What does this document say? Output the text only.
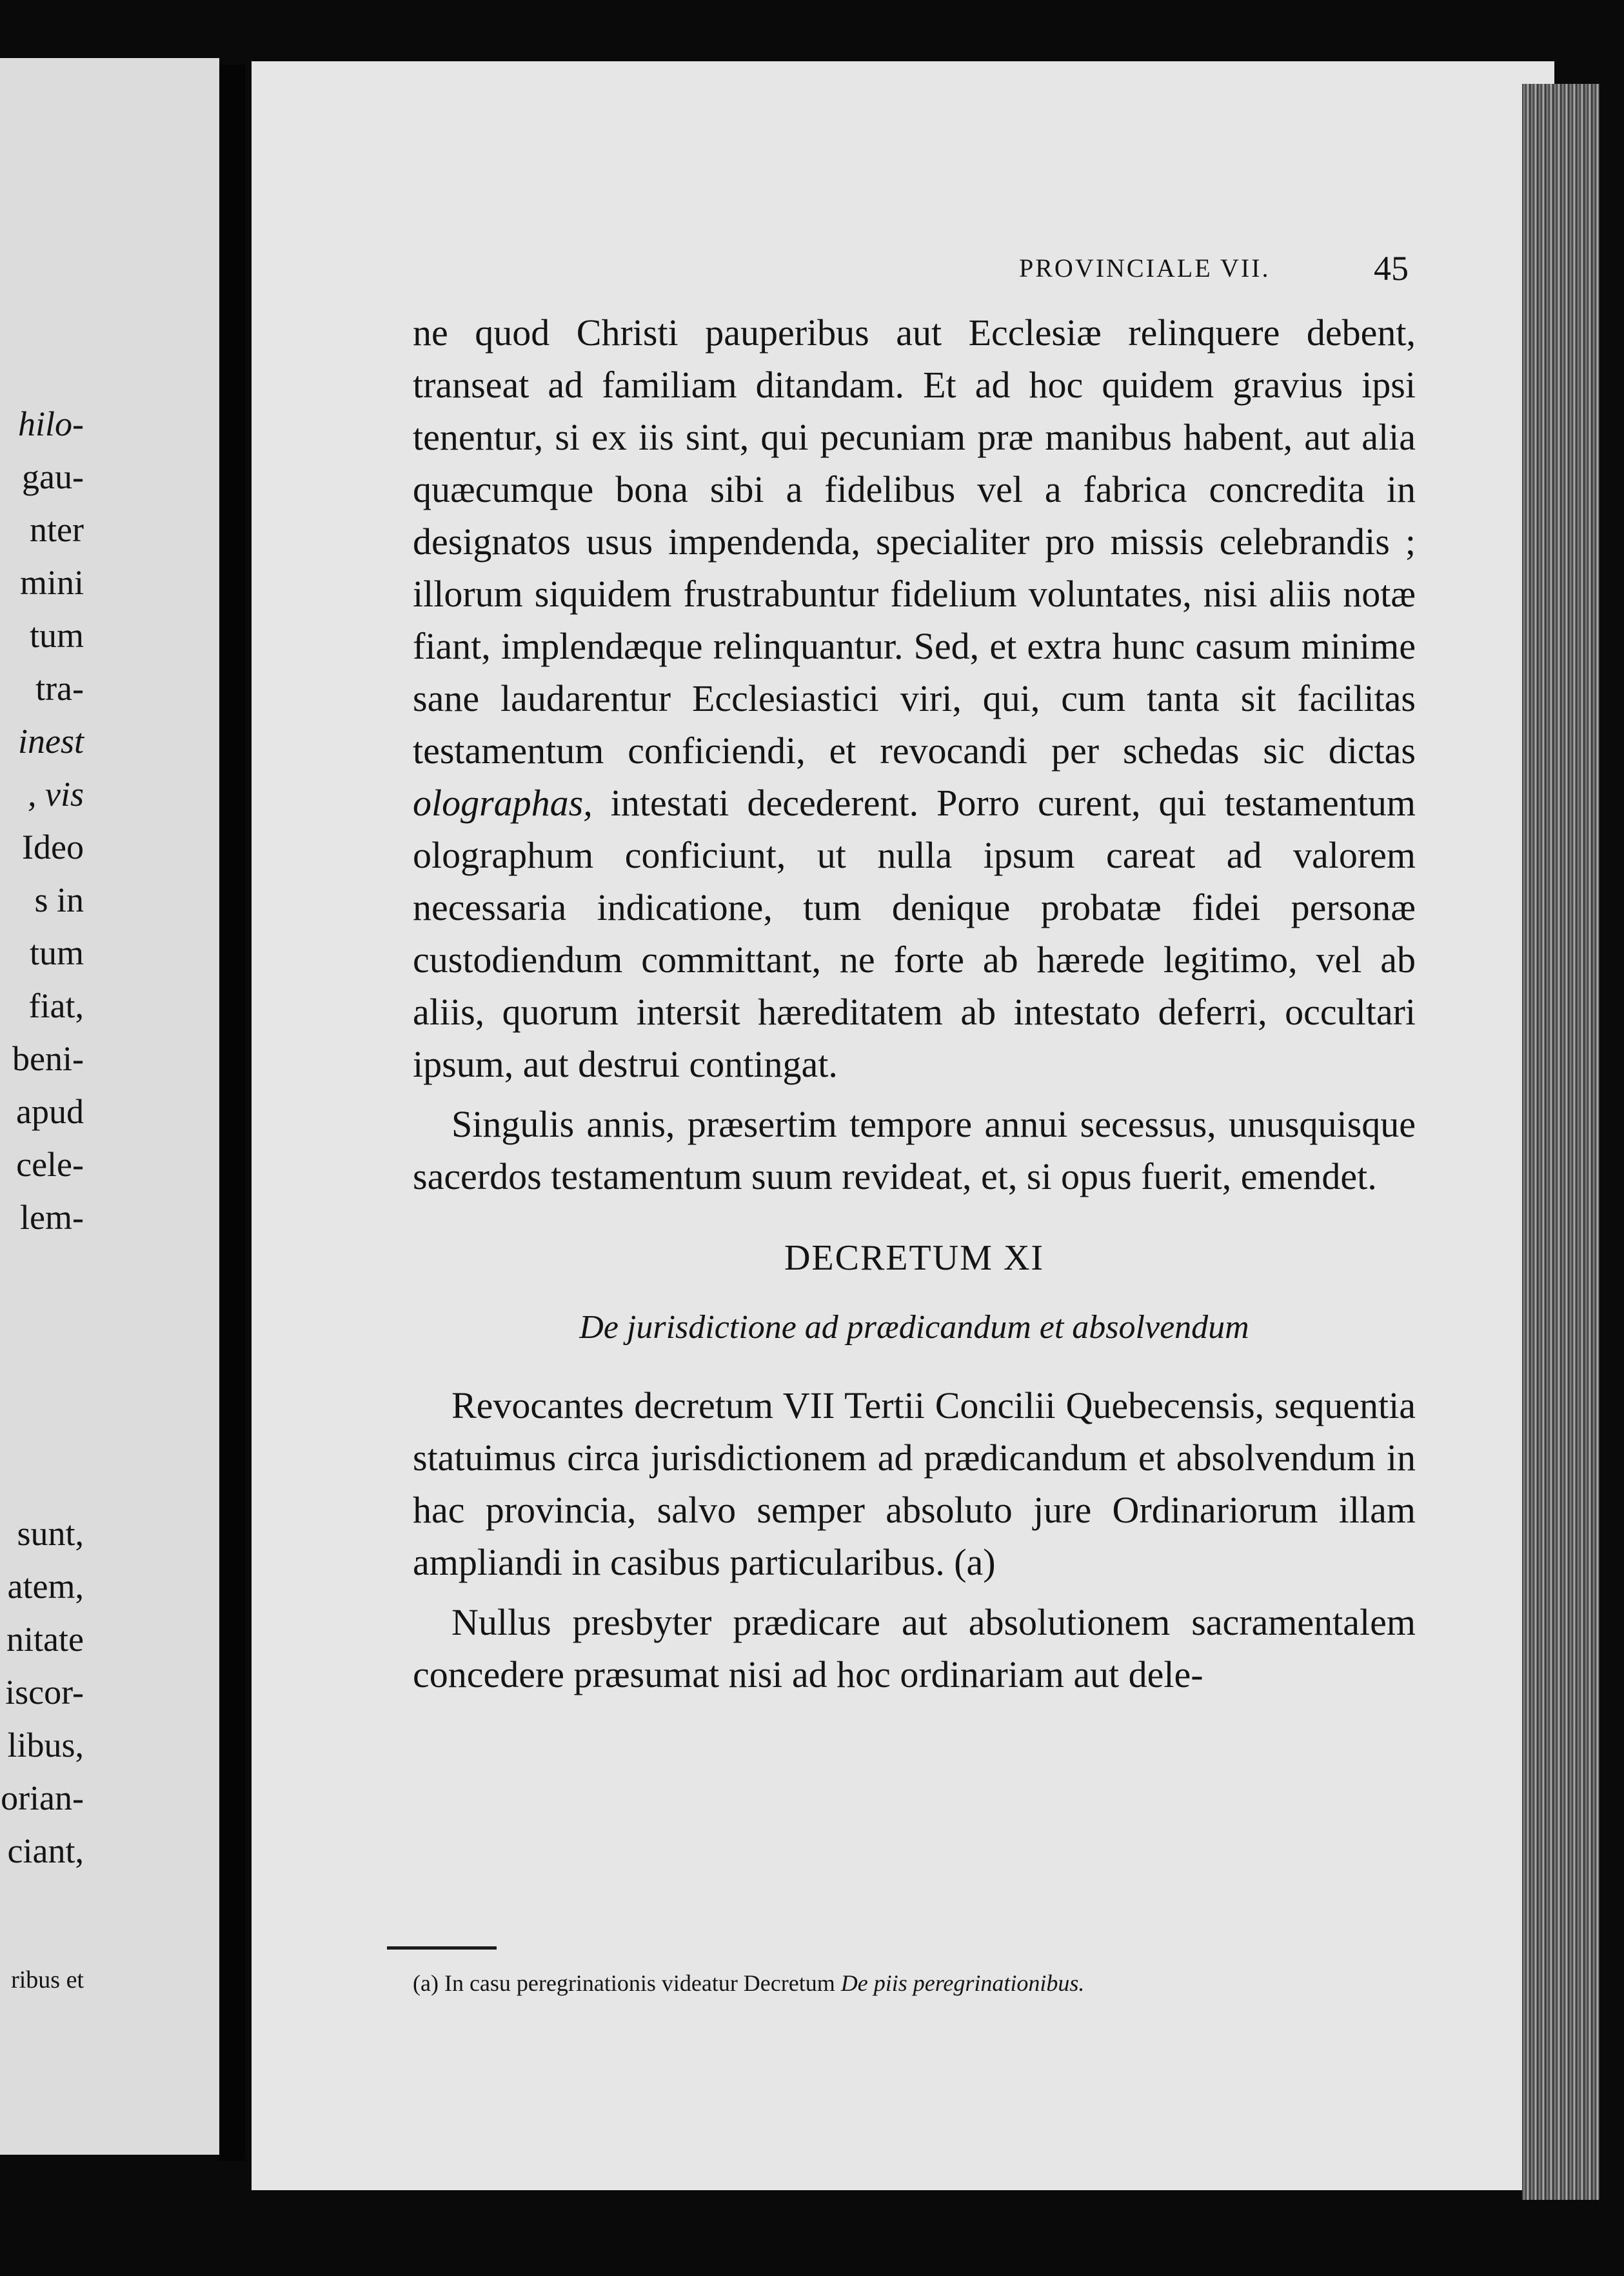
hilo-
gau-
nter
mini
tum
tra-
inest
, vis
Ideo
s in
tum
fiat,
beni-
apud
cele-
lem-
sunt,
atem,
nitate
iscor-
libus,
orian-
ciant,
ribus et
PROVINCIALE VII.	45

ne quod Christi pauperibus aut Ecclesiæ relinquere debent, transeat ad familiam ditandam. Et ad hoc quidem gravius ipsi tenentur, si ex iis sint, qui pecuniam præ manibus habent, aut alia quæcumque bona sibi a fidelibus vel a fabrica concredita in designatos usus impendenda, specialiter pro missis celebrandis ; illorum siquidem frustrabuntur fidelium voluntates, nisi aliis notæ fiant, implendæque relinquantur. Sed, et extra hunc casum minime sane laudarentur Ecclesiastici viri, qui, cum tanta sit facilitas testamentum conficiendi, et revocandi per schedas sic dictas olographas, intestati decederent. Porro curent, qui testamentum olographum conficiunt, ut nulla ipsum careat ad valorem necessaria indicatione, tum denique probatæ fidei personæ custodiendum committant, ne forte ab hærede legitimo, vel ab aliis, quorum intersit hæreditatem ab intestato deferri, occultari ipsum, aut destrui contingat.

Singulis annis, præsertim tempore annui secessus, unusquisque sacerdos testamentum suum revideat, et, si opus fuerit, emendet.

DECRETUM XI
De jurisdictione ad prædicandum et absolvendum

Revocantes decretum VII Tertii Concilii Quebecensis, sequentia statuimus circa jurisdictionem ad prædicandum et absolvendum in hac provincia, salvo semper absoluto jure Ordinariorum illam ampliandi in casibus particularibus. (a)

Nullus presbyter prædicare aut absolutionem sacramentalem concedere præsumat nisi ad hoc ordinariam aut dele-

(a) In casu peregrinationis videatur Decretum De piis peregrinationibus.
